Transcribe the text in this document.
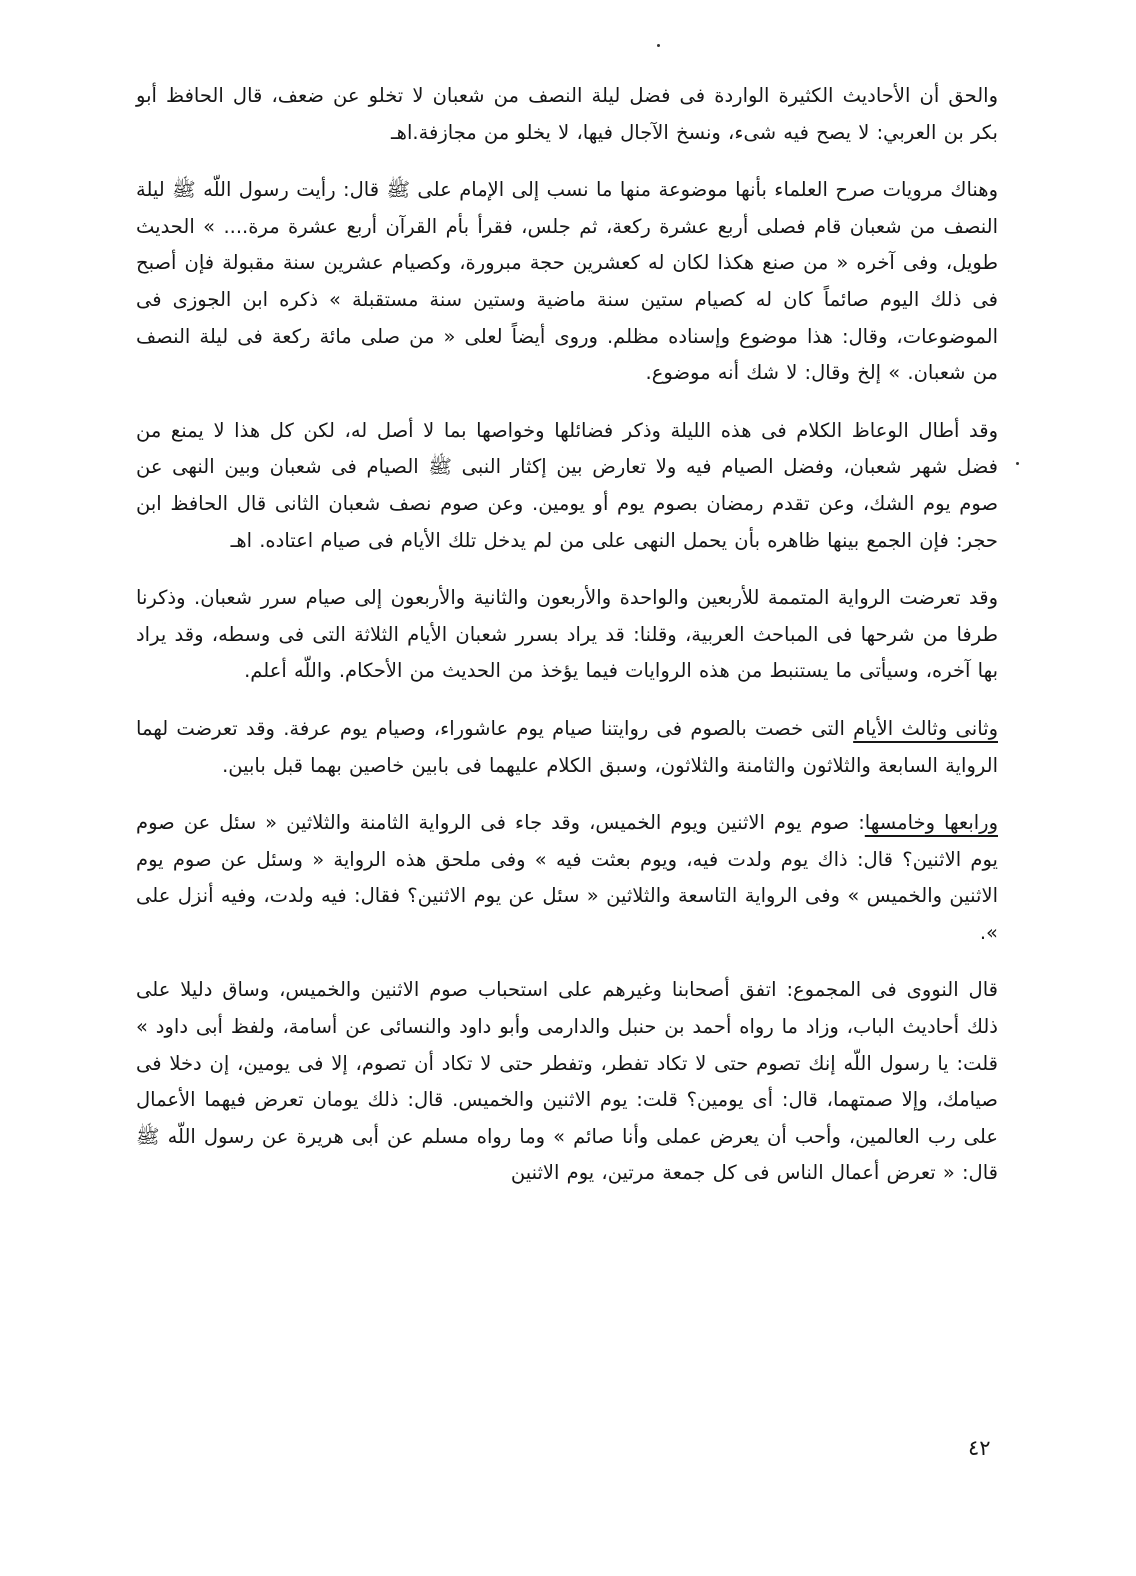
والحق أن الأحاديث الكثيرة الواردة فى فضل ليلة النصف من شعبان لا تخلو عن ضعف، قال الحافظ أبو بكر بن العربي: لا يصح فيه شىء، ونسخ الآجال فيها، لا يخلو من مجازفة.اهـ

وهناك مرويات صرح العلماء بأنها موضوعة منها ما نسب إلى الإمام على ﷺ قال: رأيت رسول اللّه ﷺ ليلة النصف من شعبان قام فصلى أربع عشرة ركعة، ثم جلس، فقرأ بأم القرآن أربع عشرة مرة.... » الحديث طويل، وفى آخره « من صنع هكذا لكان له كعشرين حجة مبرورة، وكصيام عشرين سنة مقبولة فإن أصبح فى ذلك اليوم صائماً كان له كصيام ستين سنة ماضية وستين سنة مستقبلة » ذكره ابن الجوزى فى الموضوعات، وقال: هذا موضوع وإسناده مظلم. وروى أيضاً لعلى « من صلى مائة ركعة فى ليلة النصف من شعبان. » إلخ وقال: لا شك أنه موضوع.

وقد أطال الوعاظ الكلام فى هذه الليلة وذكر فضائلها وخواصها بما لا أصل له، لكن كل هذا لا يمنع من فضل شهر شعبان، وفضل الصيام فيه ولا تعارض بين إكثار النبى ﷺ الصيام فى شعبان وبين النهى عن صوم يوم الشك، وعن تقدم رمضان بصوم يوم أو يومين. وعن صوم نصف شعبان الثانى قال الحافظ ابن حجر: فإن الجمع بينها ظاهره بأن يحمل النهى على من لم يدخل تلك الأيام فى صيام اعتاده. اهـ

وقد تعرضت الرواية المتممة للأربعين والواحدة والأربعون والثانية والأربعون إلى صيام سرر شعبان. وذكرنا طرفا من شرحها فى المباحث العربية، وقلنا: قد يراد بسرر شعبان الأيام الثلاثة التى فى وسطه، وقد يراد بها آخره، وسيأتى ما يستنبط من هذه الروايات فيما يؤخذ من الحديث من الأحكام. واللّه أعلم.

وثانى وثالث الأيام التى خصت بالصوم فى روايتنا صيام يوم عاشوراء، وصيام يوم عرفة. وقد تعرضت لهما الرواية السابعة والثلاثون والثامنة والثلاثون، وسبق الكلام عليهما فى بابين خاصين بهما قبل بابين.

ورابعها وخامسها: صوم يوم الاثنين ويوم الخميس، وقد جاء فى الرواية الثامنة والثلاثين « سئل عن صوم يوم الاثنين؟ قال: ذاك يوم ولدت فيه، ويوم بعثت فيه » وفى ملحق هذه الرواية « وسئل عن صوم يوم الاثنين والخميس » وفى الرواية التاسعة والثلاثين « سئل عن يوم الاثنين؟ فقال: فيه ولدت، وفيه أنزل على ».

قال النووى فى المجموع: اتفق أصحابنا وغيرهم على استحباب صوم الاثنين والخميس، وساق دليلا على ذلك أحاديث الباب، وزاد ما رواه أحمد بن حنبل والدارمى وأبو داود والنسائى عن أسامة، ولفظ أبى داود » قلت: يا رسول اللّه إنك تصوم حتى لا تكاد تفطر، وتفطر حتى لا تكاد أن تصوم، إلا فى يومين، إن دخلا فى صيامك، وإلا صمتهما، قال: أى يومين؟ قلت: يوم الاثنين والخميس. قال: ذلك يومان تعرض فيهما الأعمال على رب العالمين، وأحب أن يعرض عملى وأنا صائم » وما رواه مسلم عن أبى هريرة عن رسول اللّه ﷺ قال: « تعرض أعمال الناس فى كل جمعة مرتين، يوم الاثنين

٤٢
